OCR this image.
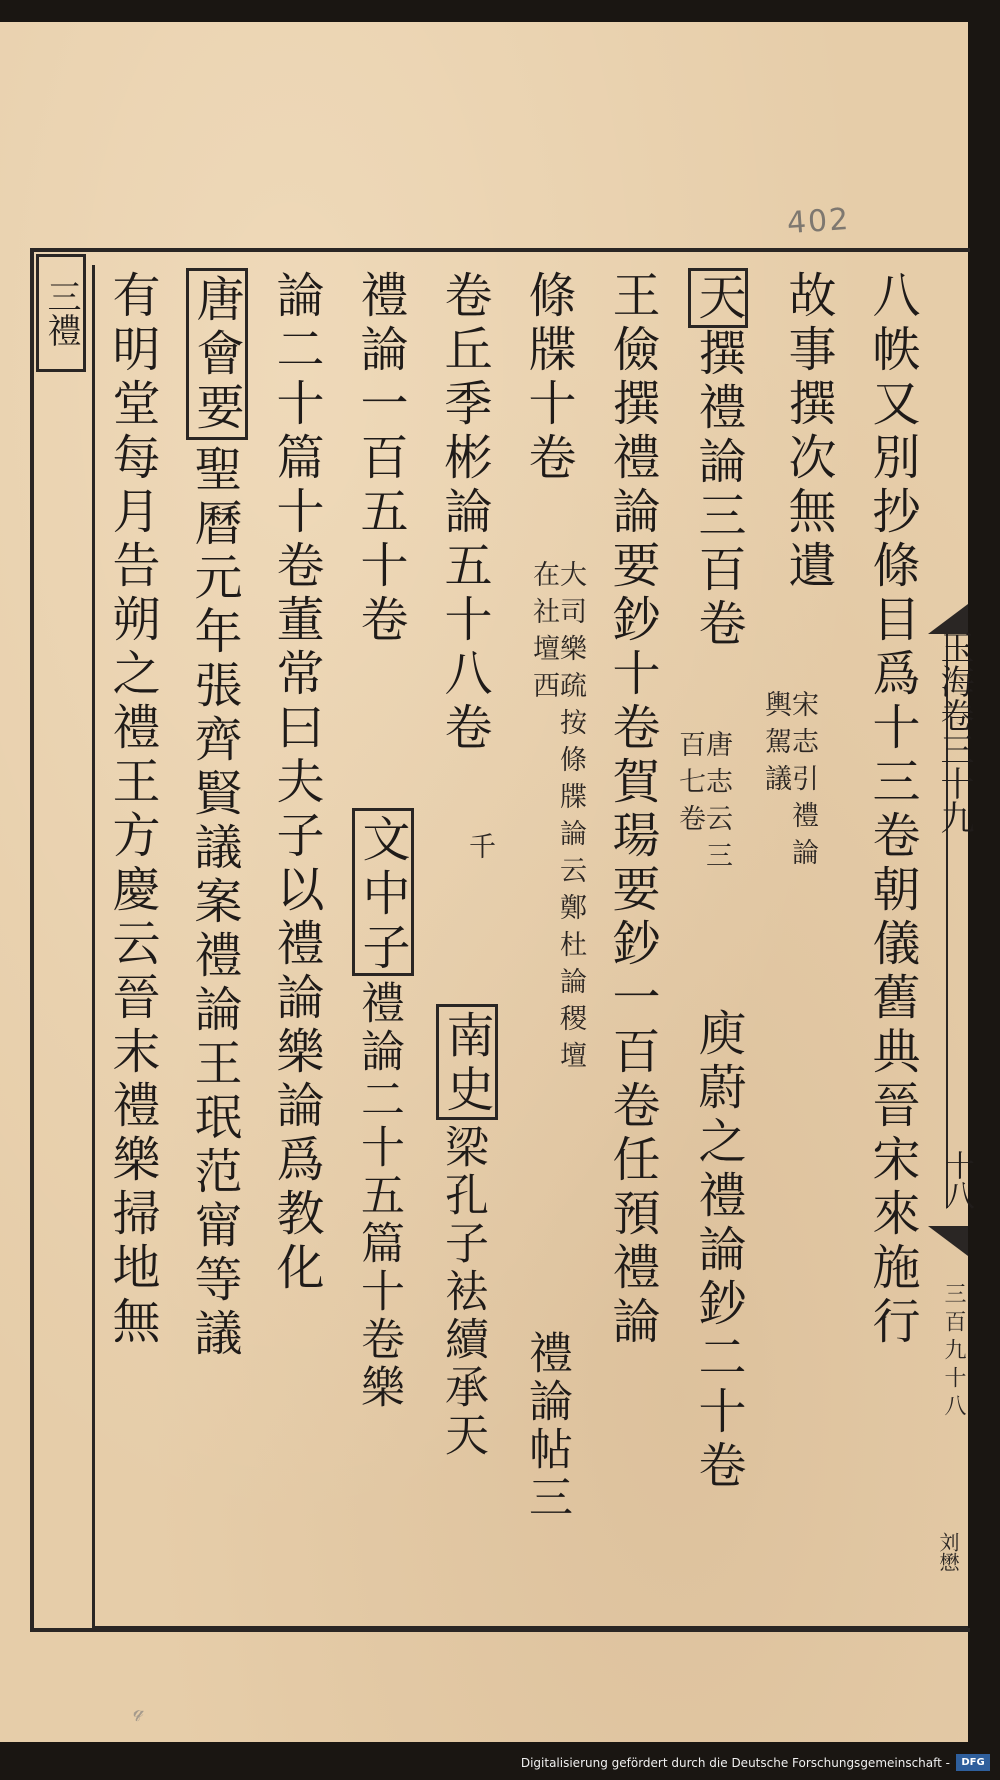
402
三禮
玉海卷三十九
十八
三百九十八
刘懋
八帙又別抄條目爲十三卷朝儀舊典晉宋來施行
故事撰次無遺
宋志引禮論輿駕議
天
撰禮論三百卷
唐志云三百七卷
庾蔚之禮論鈔二十卷
王儉撰禮論要鈔十卷賀瑒要鈔一百卷任預禮論
條牒十卷
大司樂疏按條牒論云鄭杜論稷壇在社壇西
禮論帖三
卷丘季彬論五十八卷
千
南史
梁孔子袪續承天
禮論一百五十卷
文中子
禮論二十五篇十卷樂
論二十篇十卷董常曰夫子以禮論樂論爲教化
唐會要
聖曆元年張齊賢議案禮論王珉范甯等議
有明堂每月告朔之禮王方慶云晉末禮樂掃地無
𝓆
Digitalisierung gefördert durch die Deutsche Forschungsgemeinschaft -	DFG
